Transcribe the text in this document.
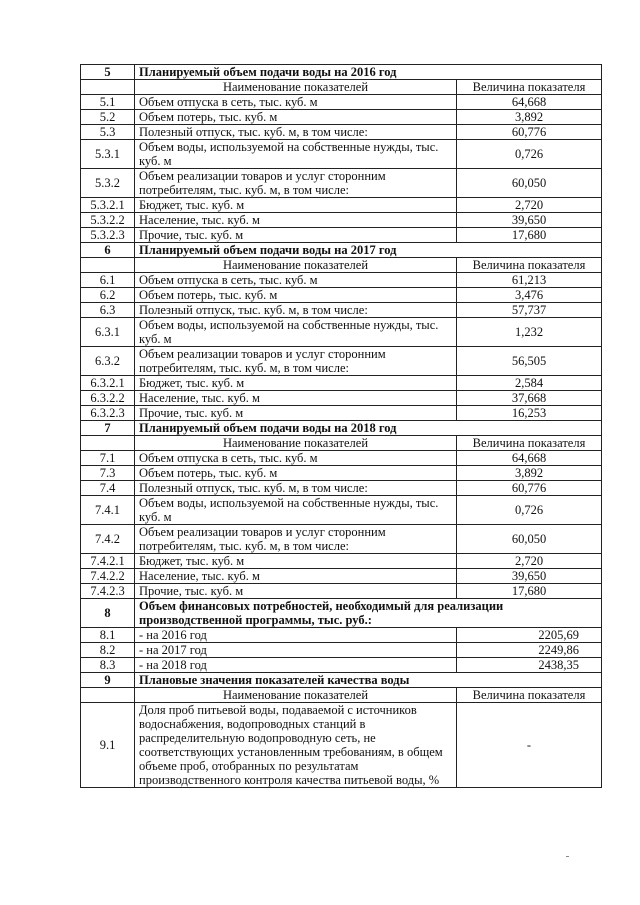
5	Планируемый объем подачи воды на 2016 год	
	Наименование показателей	Величина показателя
5.1	Объем отпуска в сеть, тыс. куб. м	64,668
5.2	Объем потерь, тыс. куб. м	3,892
5.3	Полезный отпуск, тыс. куб. м, в том числе:	60,776
5.3.1	Объем воды, используемой на собственные нужды, тыс. куб. м	0,726
5.3.2	Объем реализации товаров и услуг сторонним потребителям, тыс. куб. м, в том числе:	60,050
5.3.2.1	Бюджет, тыс. куб. м	2,720
5.3.2.2	Население, тыс. куб. м	39,650
5.3.2.3	Прочие, тыс. куб. м	17,680
6	Планируемый объем подачи воды на 2017 год	
	Наименование показателей	Величина показателя
6.1	Объем отпуска в сеть, тыс. куб. м	61,213
6.2	Объем потерь, тыс. куб. м	3,476
6.3	Полезный отпуск, тыс. куб. м, в том числе:	57,737
6.3.1	Объем воды, используемой на собственные нужды, тыс. куб. м	1,232
6.3.2	Объем реализации товаров и услуг сторонним потребителям, тыс. куб. м, в том числе:	56,505
6.3.2.1	Бюджет, тыс. куб. м	2,584
6.3.2.2	Население, тыс. куб. м	37,668
6.3.2.3	Прочие, тыс. куб. м	16,253
7	Планируемый объем подачи воды на 2018 год	
	Наименование показателей	Величина показателя
7.1	Объем отпуска в сеть, тыс. куб. м	64,668
7.3	Объем потерь, тыс. куб. м	3,892
7.4	Полезный отпуск, тыс. куб. м, в том числе:	60,776
7.4.1	Объем воды, используемой на собственные нужды, тыс. куб. м	0,726
7.4.2	Объем реализации товаров и услуг сторонним потребителям, тыс. куб. м, в том числе:	60,050
7.4.2.1	Бюджет, тыс. куб. м	2,720
7.4.2.2	Население, тыс. куб. м	39,650
7.4.2.3	Прочие, тыс. куб. м	17,680
8	Объем финансовых потребностей, необходимый для реализации производственной программы, тыс. руб.:	
8.1	- на 2016 год	2205,69
8.2	- на 2017 год	2249,86
8.3	- на 2018 год	2438,35
9	Плановые значения показателей качества воды	
	Наименование показателей	Величина показателя
9.1	Доля проб питьевой воды, подаваемой с источников водоснабжения, водопроводных станций в распределительную водопроводную сеть, не соответствующих установленным требованиям, в общем объеме проб, отобранных по результатам производственного контроля качества питьевой воды, %	-
